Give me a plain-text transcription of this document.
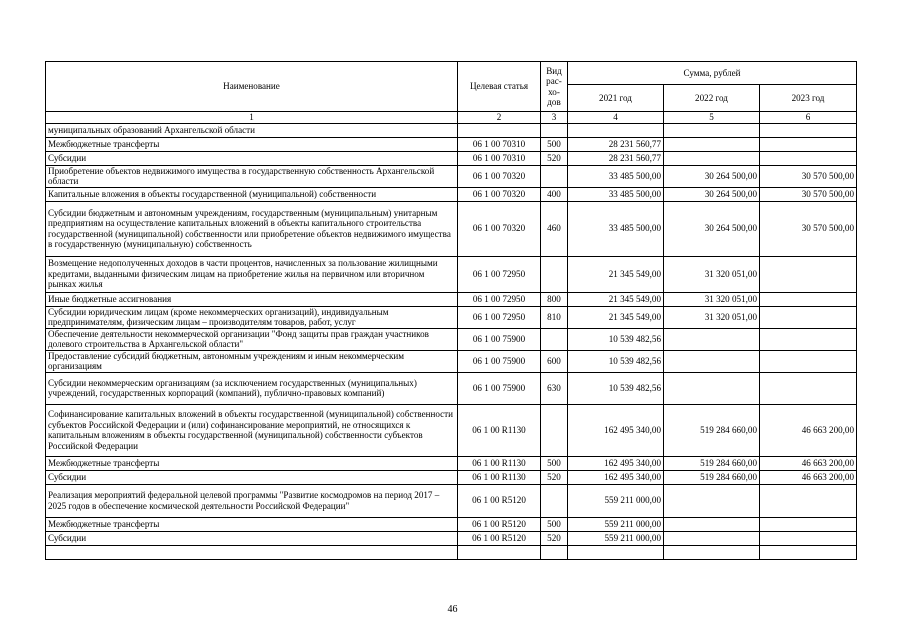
Наименование	Целевая статья	Вид рас-хо-дов	Сумма, рублей		
			2021 год	2022 год	2023 год
1	2	3	4	5	6
муниципальных образований Архангельской области					
Межбюджетные трансферты	06 1 00 70310	500	28 231 560,77		
Субсидии	06 1 00 70310	520	28 231 560,77		
Приобретение объектов недвижимого имущества в государственную собственность Архангельской области	06 1 00 70320		33 485 500,00	30 264 500,00	30 570 500,00
Капитальные вложения в объекты государственной (муниципальной) собственности	06 1 00 70320	400	33 485 500,00	30 264 500,00	30 570 500,00
Субсидии бюджетным и автономным учреждениям, государственным (муниципальным) унитарным предприятиям на осуществление капитальных вложений в объекты капитального строительства государственной (муниципальной) собственности или приобретение объектов недвижимого имущества в государственную (муниципальную) собственность	06 1 00 70320	460	33 485 500,00	30 264 500,00	30 570 500,00
Возмещение недополученных доходов в части процентов, начисленных за пользование жилищными кредитами, выданными физическим лицам на приобретение жилья на первичном или вторичном рынках жилья	06 1 00 72950		21 345 549,00	31 320 051,00	
Иные бюджетные ассигнования	06 1 00 72950	800	21 345 549,00	31 320 051,00	
Субсидии юридическим лицам (кроме некоммерческих организаций), индивидуальным предпринимателям, физическим лицам – производителям товаров, работ, услуг	06 1 00 72950	810	21 345 549,00	31 320 051,00	
Обеспечение деятельности некоммерческой организации "Фонд защиты прав граждан участников долевого строительства в Архангельской области"	06 1 00 75900		10 539 482,56		
Предоставление субсидий бюджетным, автономным учреждениям и иным некоммерческим организациям	06 1 00 75900	600	10 539 482,56		
Субсидии некоммерческим организациям (за исключением государственных (муниципальных) учреждений, государственных корпораций (компаний), публично-правовых компаний)	06 1 00 75900	630	10 539 482,56		
Софинансирование капитальных вложений в объекты государственной (муниципальной) собственности субъектов Российской Федерации и (или) софинансирование мероприятий, не относящихся к капитальным вложениям в объекты государственной (муниципальной) собственности субъектов Российской Федерации	06 1 00 R1130		162 495 340,00	519 284 660,00	46 663 200,00
Межбюджетные трансферты	06 1 00 R1130	500	162 495 340,00	519 284 660,00	46 663 200,00
Субсидии	06 1 00 R1130	520	162 495 340,00	519 284 660,00	46 663 200,00
Реализация мероприятий федеральной целевой программы "Развитие космодромов на период 2017 – 2025 годов в обеспечение космической деятельности Российской Федерации"	06 1 00 R5120		559 211 000,00		
Межбюджетные трансферты	06 1 00 R5120	500	559 211 000,00		
Субсидии	06 1 00 R5120	520	559 211 000,00		

46
